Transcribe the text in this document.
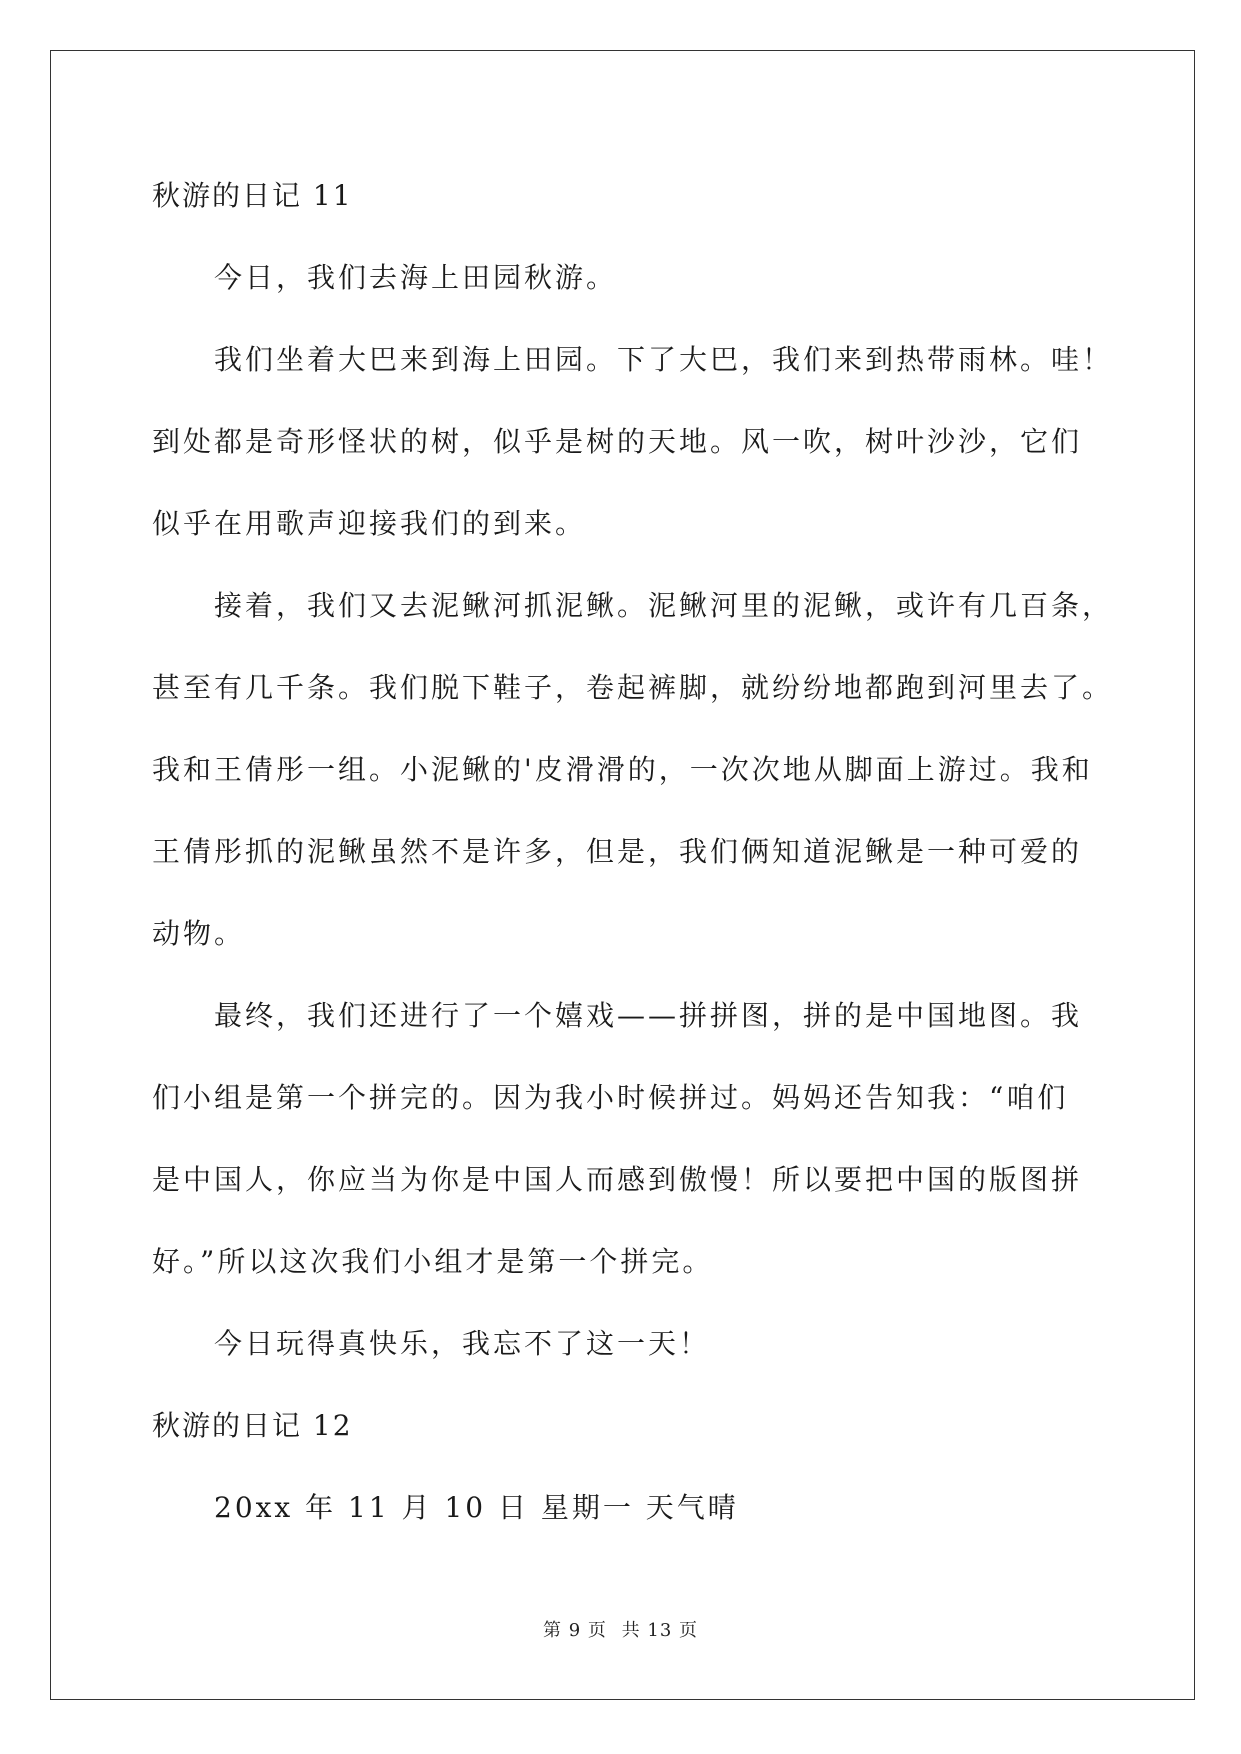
秋游的日记 11
今日，我们去海上田园秋游。
我们坐着大巴来到海上田园。下了大巴，我们来到热带雨林。哇！
到处都是奇形怪状的树，似乎是树的天地。风一吹，树叶沙沙，它们
似乎在用歌声迎接我们的到来。
接着，我们又去泥鳅河抓泥鳅。泥鳅河里的泥鳅，或许有几百条，
甚至有几千条。我们脱下鞋子，卷起裤脚，就纷纷地都跑到河里去了。
我和王倩彤一组。小泥鳅的'皮滑滑的，一次次地从脚面上游过。我和
王倩彤抓的泥鳅虽然不是许多，但是，我们俩知道泥鳅是一种可爱的
动物。
最终，我们还进行了一个嬉戏——拼拼图，拼的是中国地图。我
们小组是第一个拼完的。因为我小时候拼过。妈妈还告知我：“咱们
是中国人，你应当为你是中国人而感到傲慢！所以要把中国的版图拼
好。”所以这次我们小组才是第一个拼完。
今日玩得真快乐，我忘不了这一天！
秋游的日记 12
20xx 年 11 月 10 日 星期一 天气晴
第 9 页 共 13 页
